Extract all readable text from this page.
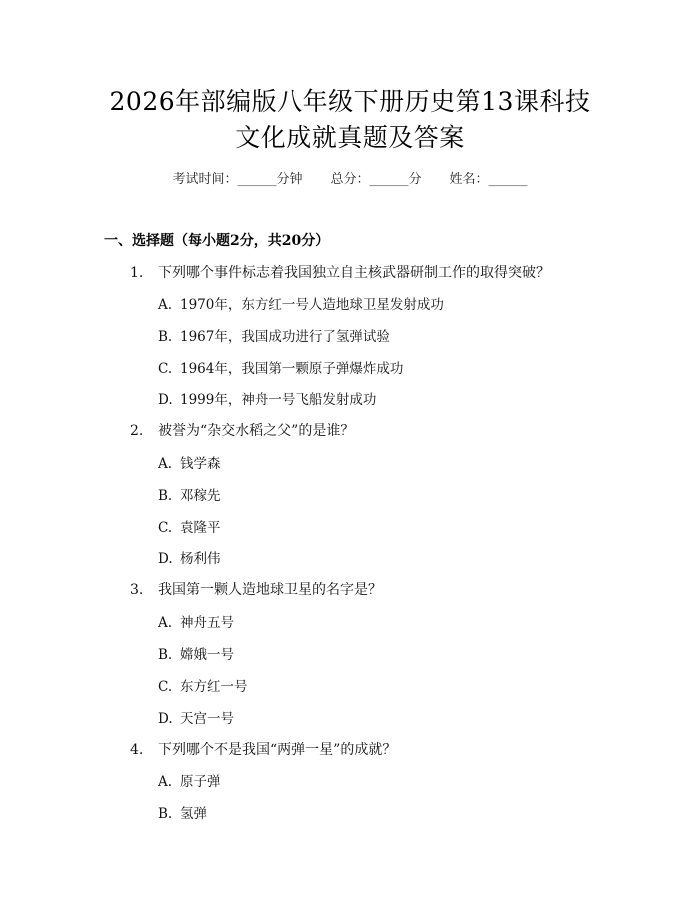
2026年部编版八年级下册历史第13课科技
文化成就真题及答案
考试时间：______分钟 总分：______分 姓名：______
一、选择题（每小题2分，共20分）
1. 下列哪个事件标志着我国独立自主核武器研制工作的取得突破？
A. 1970年，东方红一号人造地球卫星发射成功
B. 1967年，我国成功进行了氢弹试验
C. 1964年，我国第一颗原子弹爆炸成功
D. 1999年，神舟一号飞船发射成功
2. 被誉为“杂交水稻之父”的是谁？
A. 钱学森
B. 邓稼先
C. 袁隆平
D. 杨利伟
3. 我国第一颗人造地球卫星的名字是？
A. 神舟五号
B. 嫦娥一号
C. 东方红一号
D. 天宫一号
4. 下列哪个不是我国“两弹一星”的成就？
A. 原子弹
B. 氢弹
